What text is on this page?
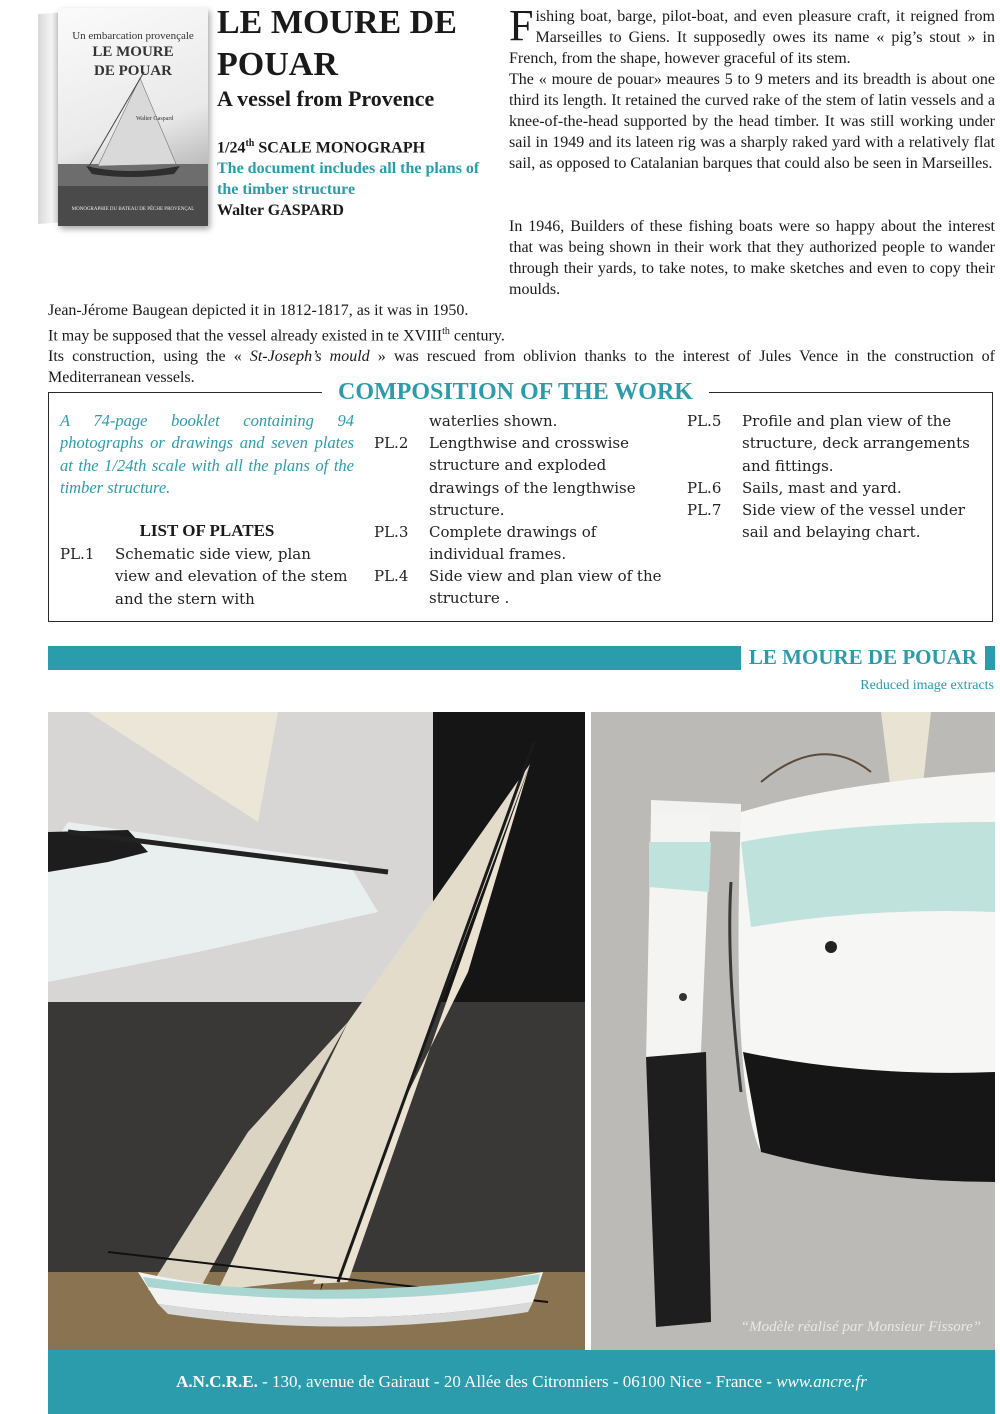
Un embarcation provençale
LE MOURE
DE POUAR
Walter Gaspard
MONOGRAPHIE DU BATEAU DE PÊCHE PROVENÇAL
LE MOURE DE POUAR
A vessel from Provence
1/24th SCALE MONOGRAPH
The document includes all the plans of the timber structure
Walter GASPARD

Fishing boat, barge, pilot-boat, and even pleasure craft, it reigned from Marseilles to Giens. It supposedly owes its name « pig’s stout » in French, from the shape, however graceful of its stem.

The « moure de pouar» meaures 5 to 9 meters and its breadth is about one third its length. It retained the curved rake of the stem of latin vessels and a knee-of-the-head supported by the head timber. It was still working under sail in 1949 and its lateen rig was a sharply raked yard with a relatively flat sail, as opposed to Catalanian barques that could also be seen in Marseilles.

In 1946, Builders of these fishing boats were so happy about the interest that was being shown in their work that they authorized people to wander through their yards, to take notes, to make sketches and even to copy their moulds.

Jean-Jérome Baugean depicted it in 1812-1817, as it was in 1950.

It may be supposed that the vessel already existed in te XVIIIth century.

Its construction, using the « St-Joseph’s mould » was rescued from oblivion thanks to the interest of Jules Vence in the construction of Mediterranean vessels.

COMPOSITION OF THE WORK

A 74-page booklet containing 94 photographs or drawings and seven plates at the 1/24th scale with all the plans of the timber structure.

LIST OF PLATES
PL.1	Schematic side view, plan view and elevation of the stem and the stern with
waterlies shown.
PL.2	Lengthwise and crosswise structure and exploded drawings of the lengthwise structure.
PL.3	Complete drawings of individual frames.
PL.4	Side view and plan view of the structure .
PL.5	Profile and plan view of the structure, deck arrangements and fittings.
PL.6	Sails, mast and yard.
PL.7	Side view of the vessel under sail and belaying chart.
LE MOURE DE POUAR
Reduced image extracts
“Modèle réalisé par Monsieur Fissore”
A.N.C.R.E. - 130, avenue de Gairaut - 20 Allée des Citronniers - 06100 Nice - France - www.ancre.fr
